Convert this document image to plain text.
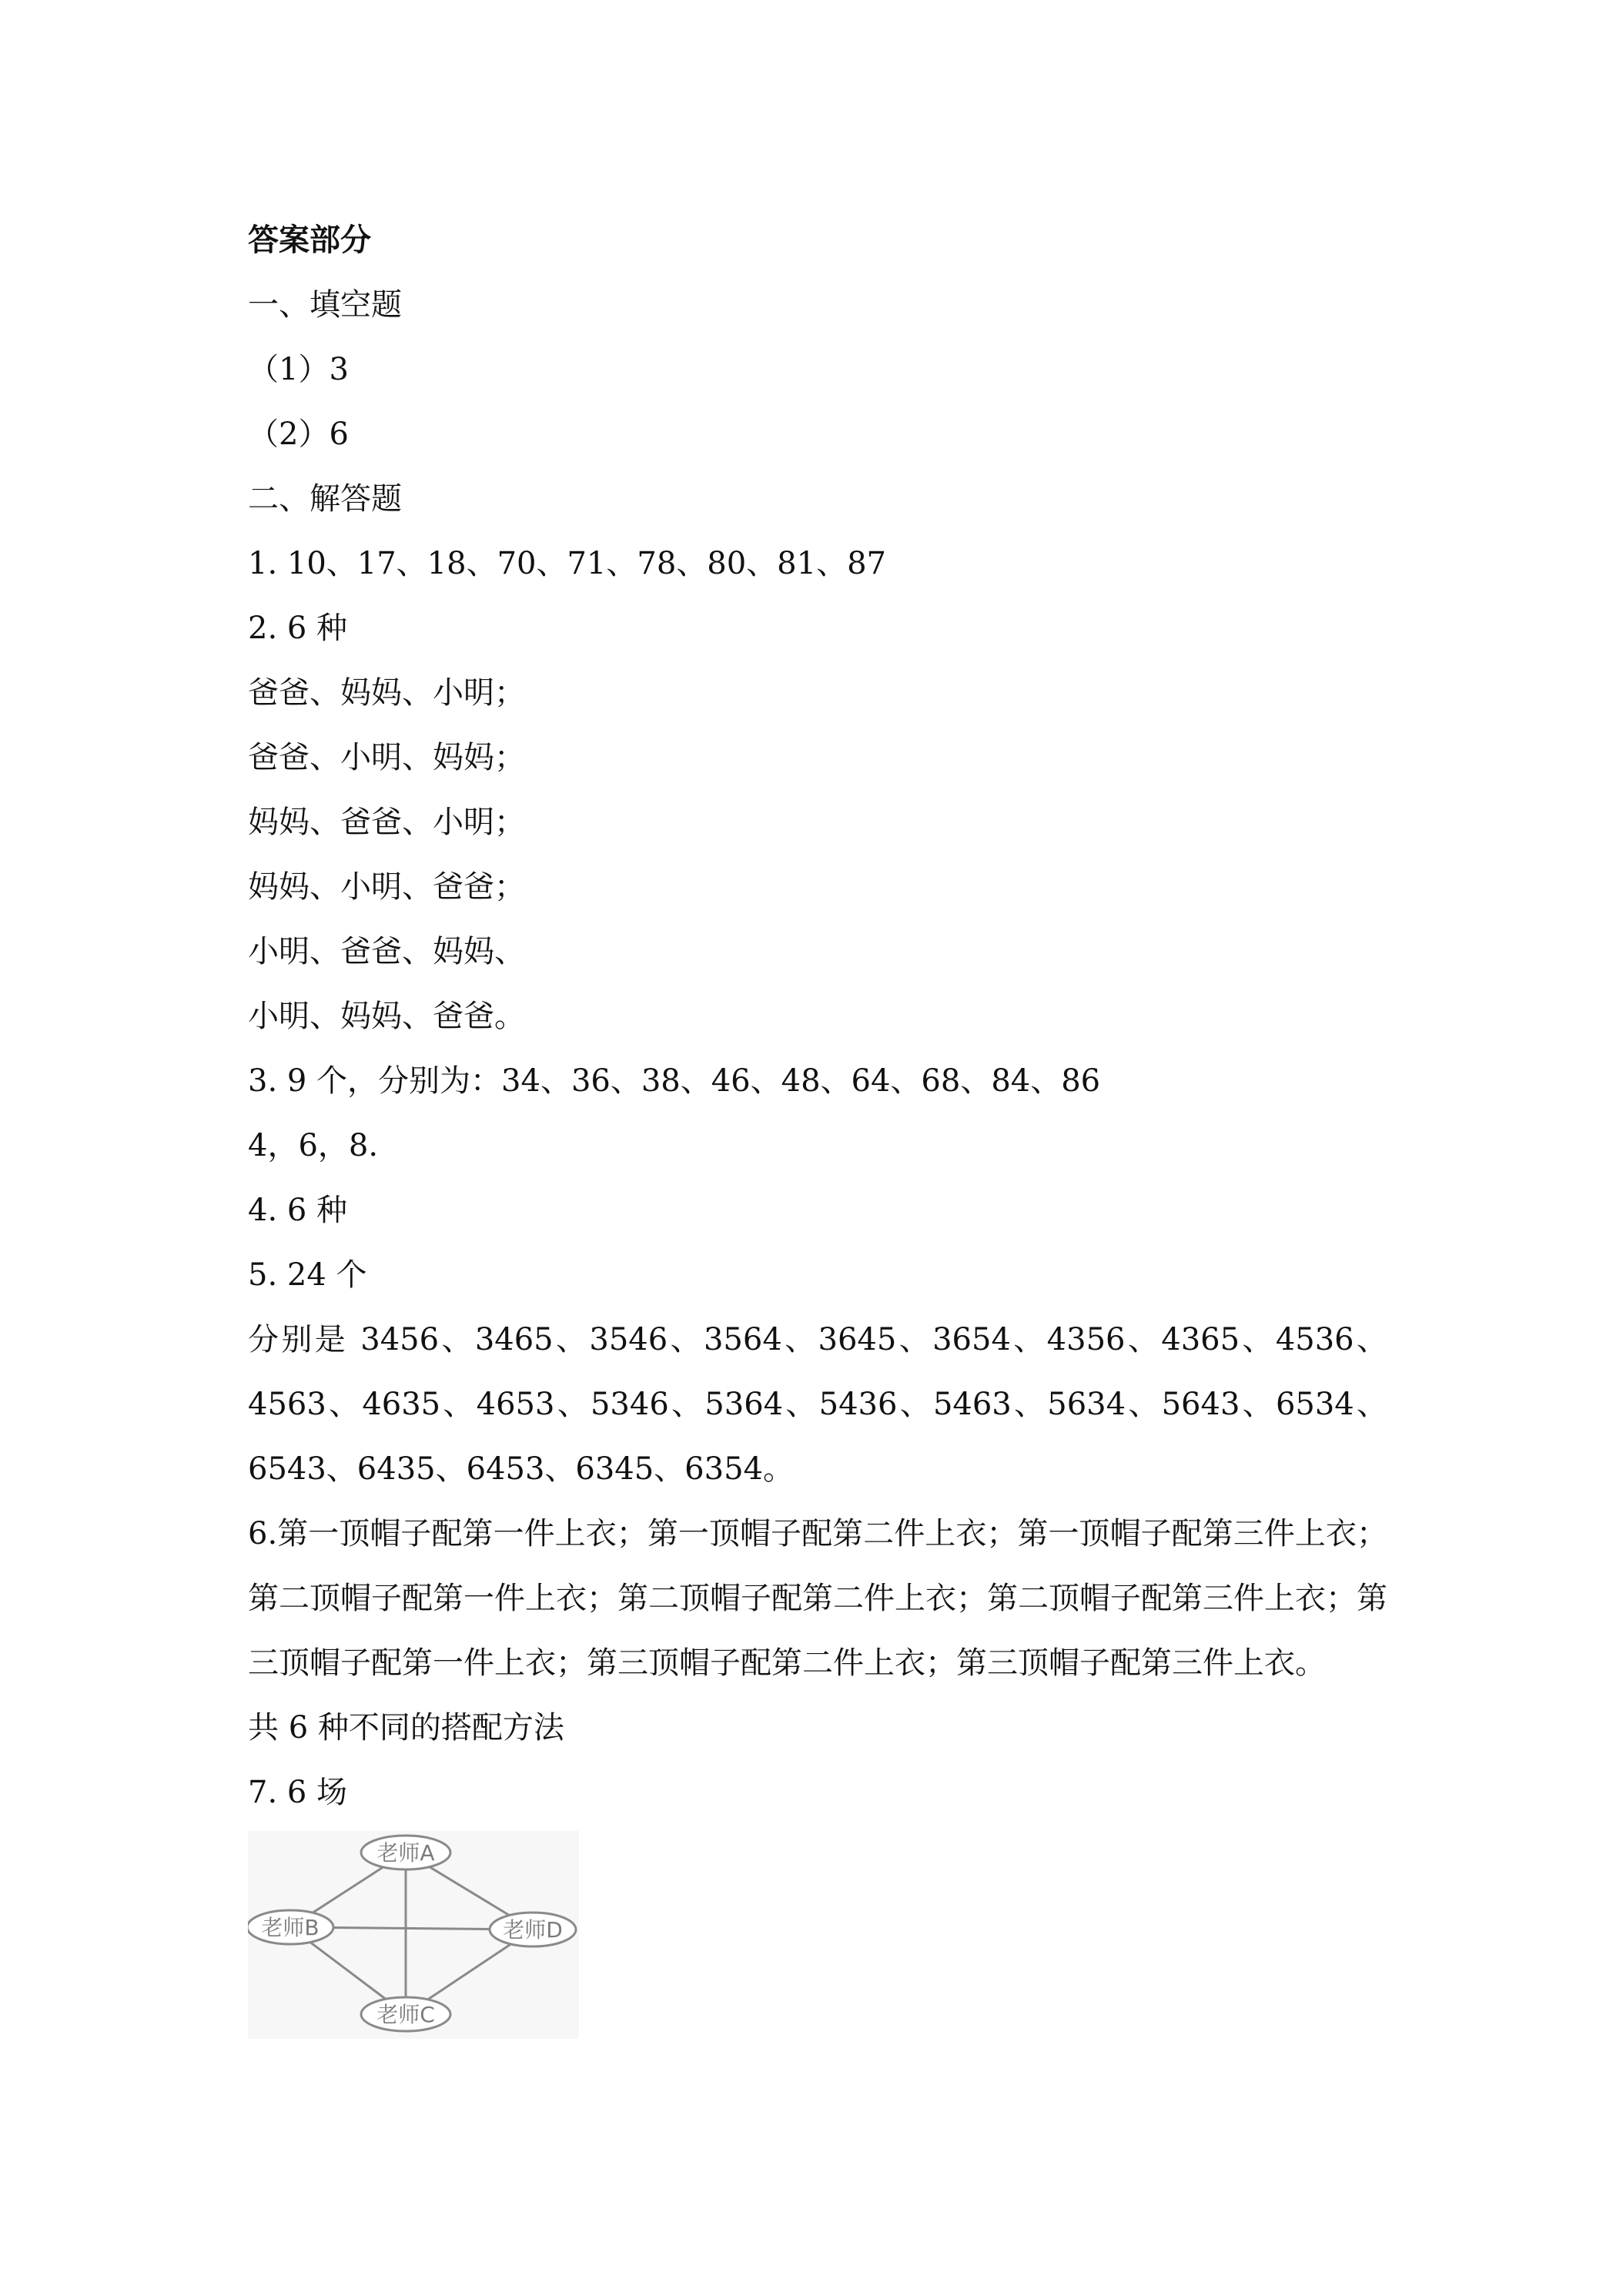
答案部分
一、填空题
（1）3
（2）6
二、解答题
1. 10、17、18、70、71、78、80、81、87
2. 6 种
爸爸、妈妈、小明；
爸爸、小明、妈妈；
妈妈、爸爸、小明；
妈妈、小明、爸爸；
小明、爸爸、妈妈、
小明、妈妈、爸爸。
3. 9 个，分别为：34、36、38、46、48、64、68、84、86
4，6，8.
4. 6 种
5. 24 个
分别是 3456、3465、3546、3564、3645、3654、4356、4365、4536、4563、4635、4653、5346、5364、5436、5463、5634、5643、6534、6543、6435、6453、6345、6354。
6.第一顶帽子配第一件上衣；第一顶帽子配第二件上衣；第一顶帽子配第三件上衣；第二顶帽子配第一件上衣；第二顶帽子配第二件上衣；第二顶帽子配第三件上衣；第三顶帽子配第一件上衣；第三顶帽子配第二件上衣；第三顶帽子配第三件上衣。
共 6 种不同的搭配方法
7. 6 场
老师A
老师B	老师D
老师C
